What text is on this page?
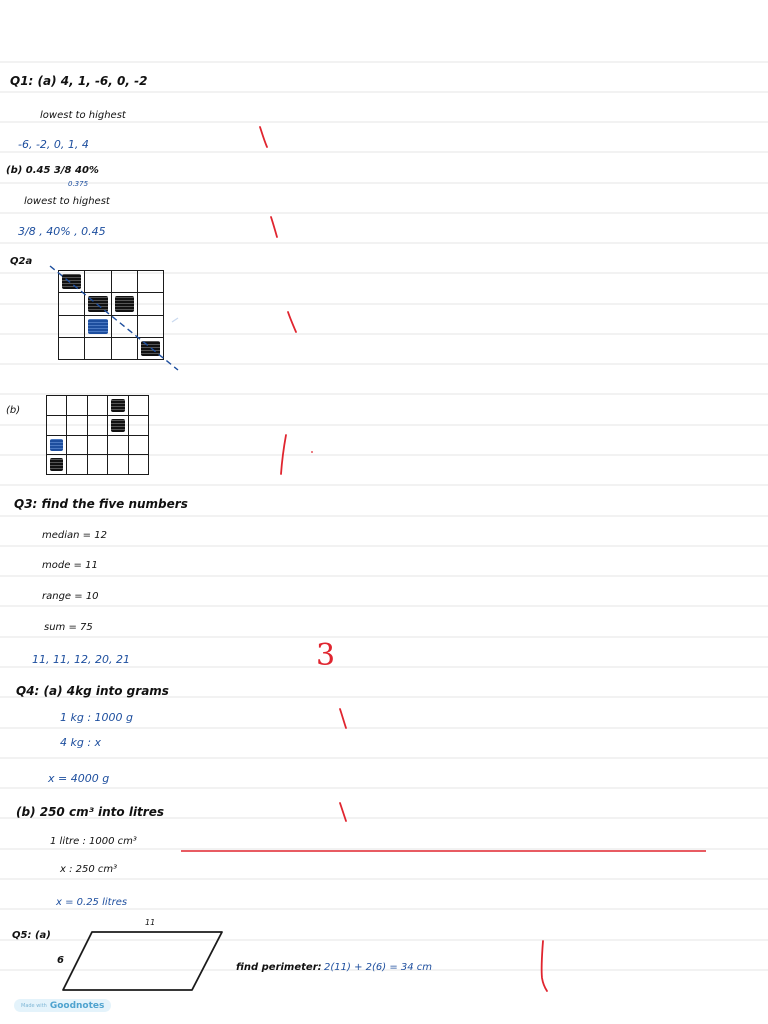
Q1: (a) 4, 1, -6, 0, -2
lowest to highest
-6, -2, 0, 1, 4
(b) 0.45 3/8 40%
0.375
lowest to highest
3/8 , 40% , 0.45
Q2a

(b)

Q3: find the five numbers
median = 12
mode = 11
range = 10
sum = 75
11, 11, 12, 20, 21	3
Q4: (a) 4kg into grams
1 kg : 1000 g
4 kg : x
x = 4000 g
(b) 250 cm³ into litres
1 litre : 1000 cm³
x : 250 cm³
x = 0.25 litres
Q5: (a)
11
6
find perimeter: 2(11) + 2(6) = 34 cm
Made with Goodnotes
